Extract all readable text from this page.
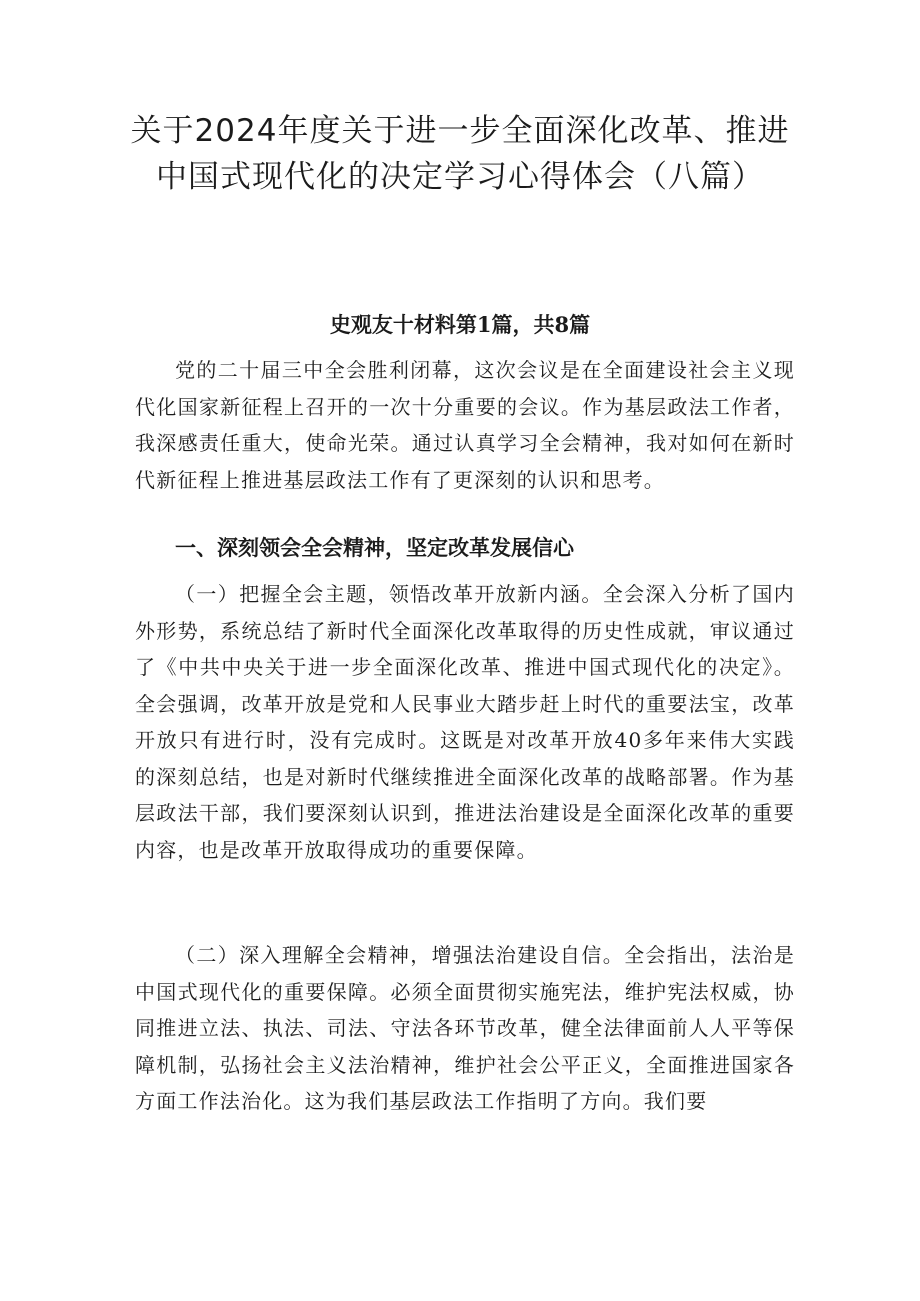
关于2024年度关于进一步全面深化改革、推进中国式现代化的决定学习心得体会（八篇）
史观友十材料第1篇，共8篇

党的二十届三中全会胜利闭幕，这次会议是在全面建设社会主义现代化国家新征程上召开的一次十分重要的会议。作为基层政法工作者，我深感责任重大，使命光荣。通过认真学习全会精神，我对如何在新时代新征程上推进基层政法工作有了更深刻的认识和思考。

一、深刻领会全会精神，坚定改革发展信心

（一）把握全会主题，领悟改革开放新内涵。全会深入分析了国内外形势，系统总结了新时代全面深化改革取得的历史性成就，审议通过了《中共中央关于进一步全面深化改革、推进中国式现代化的决定》。全会强调，改革开放是党和人民事业大踏步赶上时代的重要法宝，改革开放只有进行时，没有完成时。这既是对改革开放40多年来伟大实践的深刻总结，也是对新时代继续推进全面深化改革的战略部署。作为基层政法干部，我们要深刻认识到，推进法治建设是全面深化改革的重要内容，也是改革开放取得成功的重要保障。

（二）深入理解全会精神，增强法治建设自信。全会指出，法治是中国式现代化的重要保障。必须全面贯彻实施宪法，维护宪法权威，协同推进立法、执法、司法、守法各环节改革，健全法律面前人人平等保障机制，弘扬社会主义法治精神，维护社会公平正义，全面推进国家各方面工作法治化。这为我们基层政法工作指明了方向。我们要
